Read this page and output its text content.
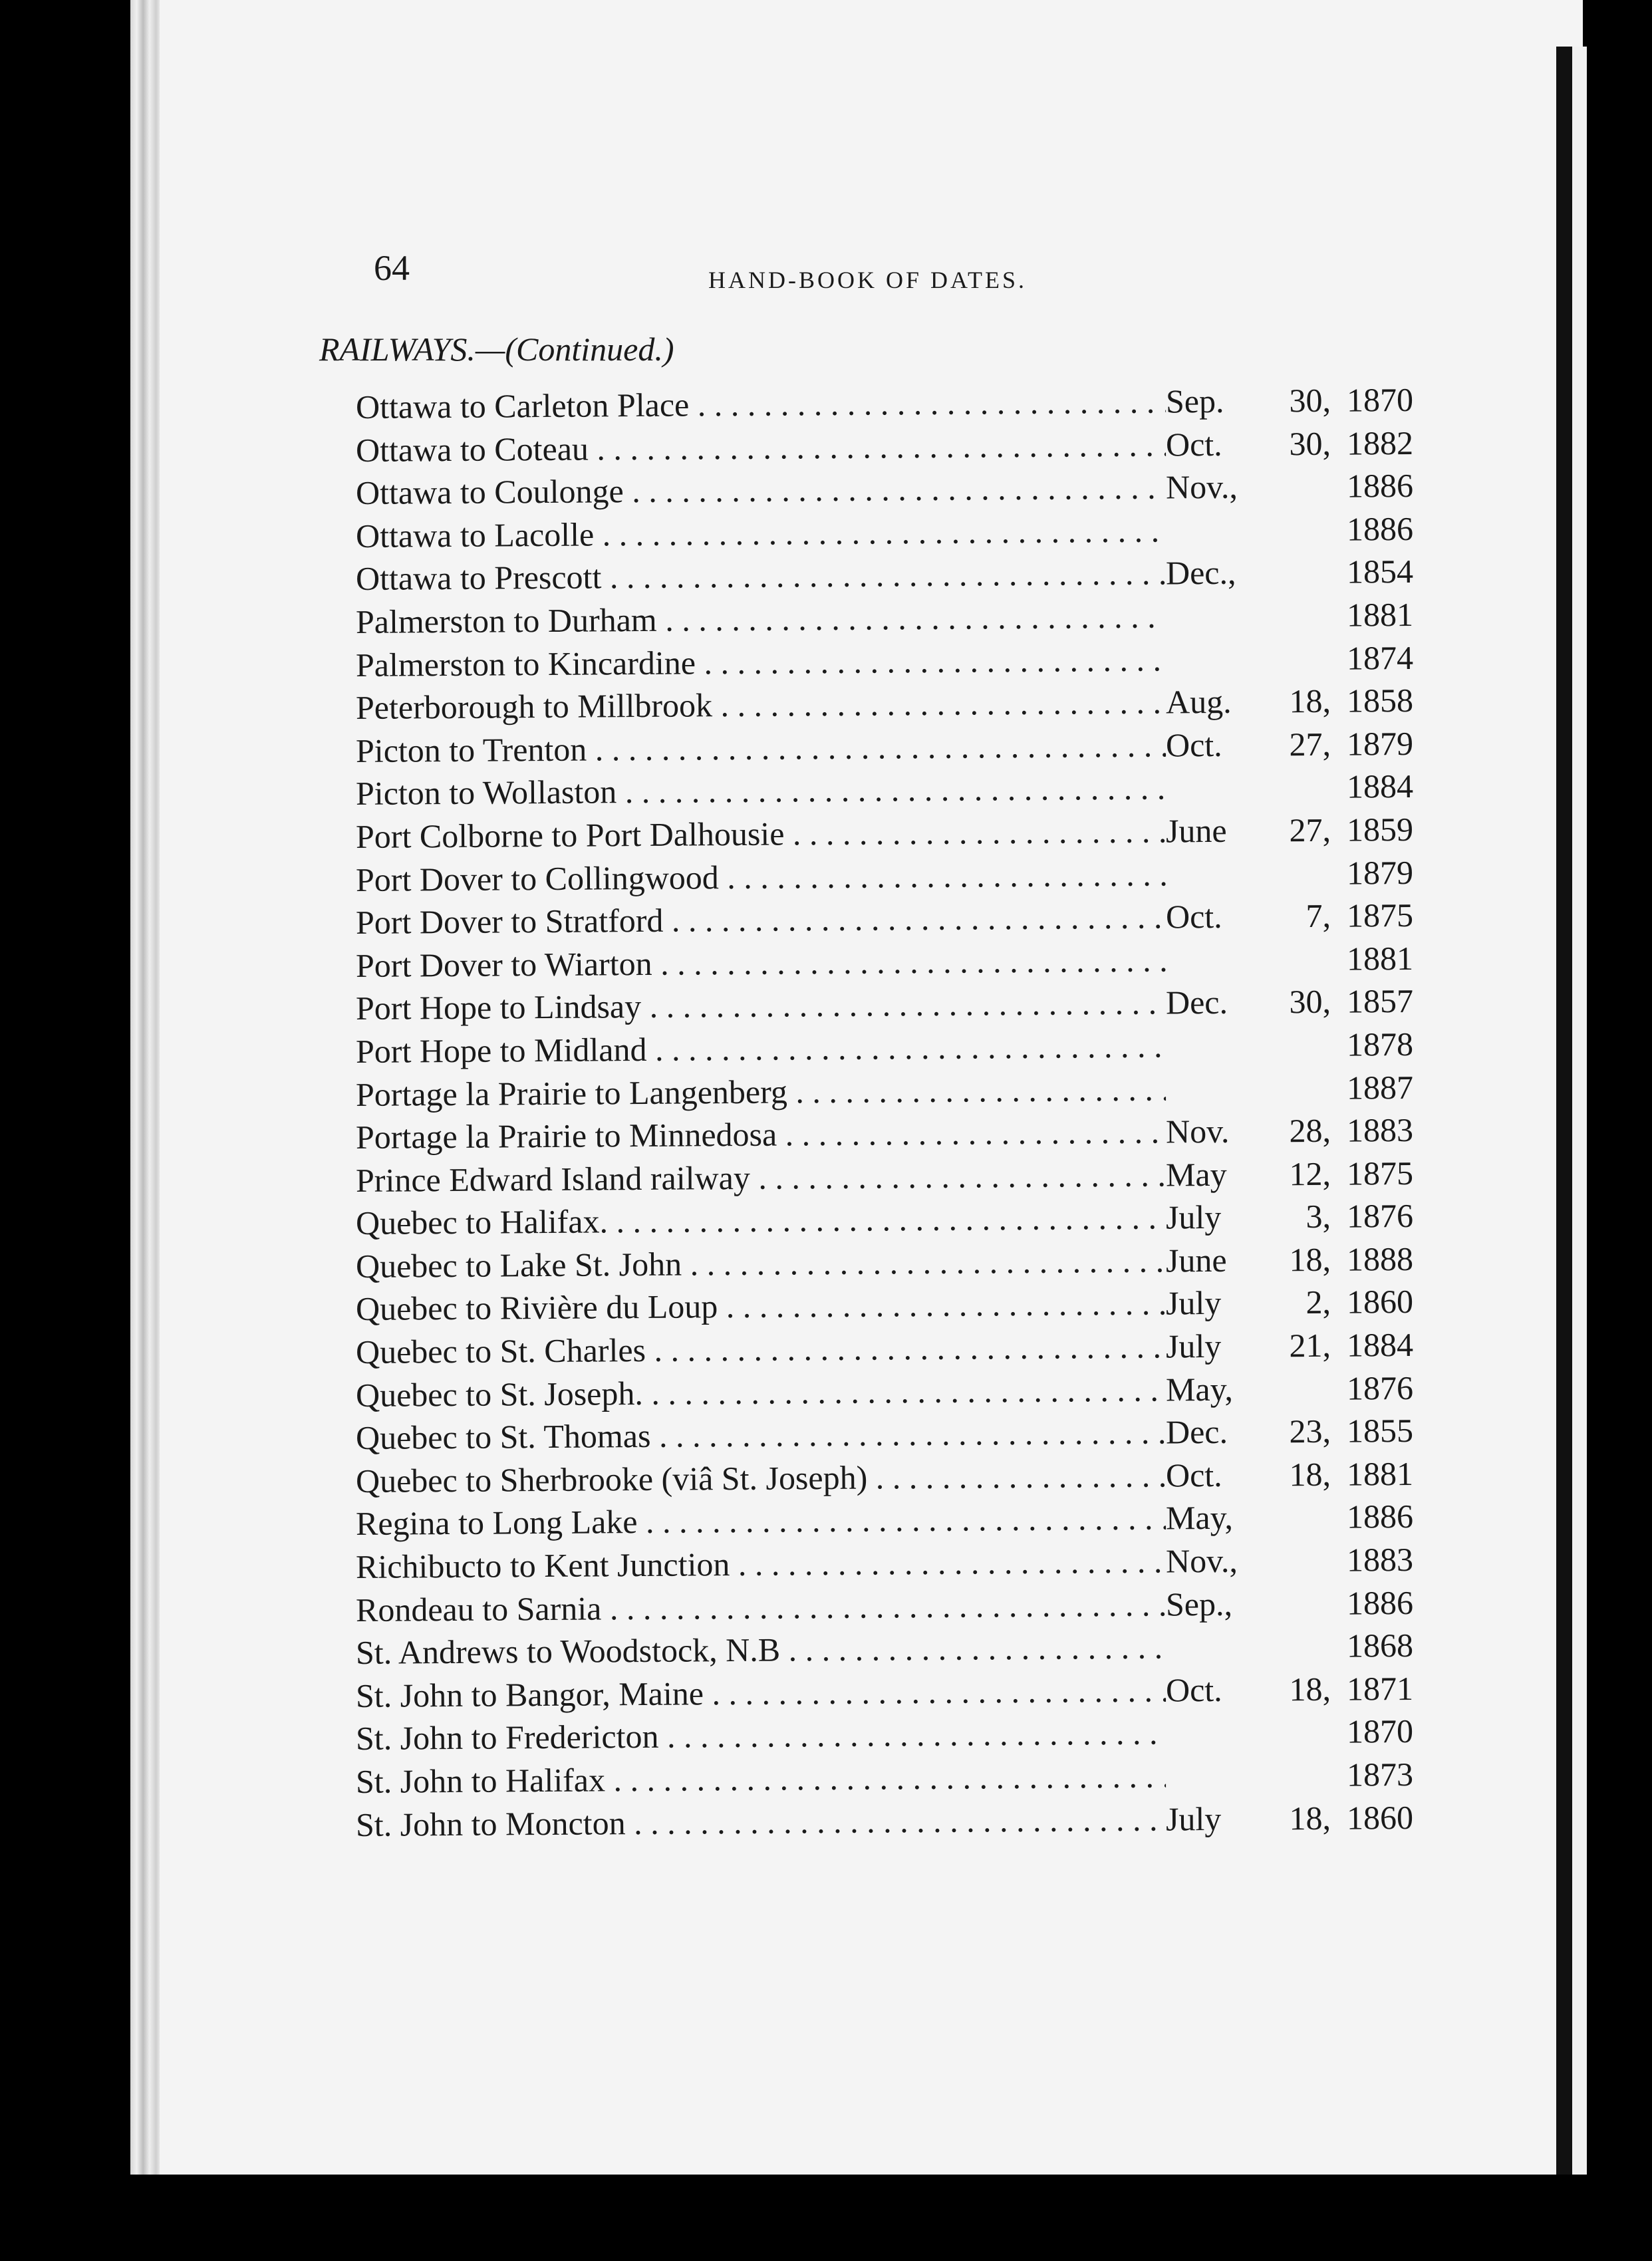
64	HAND-BOOK OF DATES.
RAILWAYS.—(Continued.)
Ottawa to Carleton Place . . .	Sep.	30, 1870
Ottawa to Coteau . . .	Oct.	30, 1882
Ottawa to Coulonge . . .	Nov.,	1886
Ottawa to Lacolle . . .	1886
Ottawa to Prescott . . .	Dec.,	1854
Palmerston to Durham . . .	1881
Palmerston to Kincardine . . .	1874
Peterborough to Millbrook . . .	Aug.	18, 1858
Picton to Trenton . . .	Oct.	27, 1879
Picton to Wollaston . . .	1884
Port Colborne to Port Dalhousie . . .	June	27, 1859
Port Dover to Collingwood . . .	1879
Port Dover to Stratford . . .	Oct.	7, 1875
Port Dover to Wiarton . . .	1881
Port Hope to Lindsay . . .	Dec.	30, 1857
Port Hope to Midland . . .	1878
Portage la Prairie to Langenberg . . .	1887
Portage la Prairie to Minnedosa . . .	Nov.	28, 1883
Prince Edward Island railway . . .	May	12, 1875
Quebec to Halifax. . . .	July	3, 1876
Quebec to Lake St. John . . .	June	18, 1888
Quebec to Rivière du Loup . . .	July	2, 1860
Quebec to St. Charles . . .	July	21, 1884
Quebec to St. Joseph. . . .	May,	1876
Quebec to St. Thomas . . .	Dec.	23, 1855
Quebec to Sherbrooke (viâ St. Joseph) . . .	Oct.	18, 1881
Regina to Long Lake . . .	May,	1886
Richibucto to Kent Junction . . .	Nov.,	1883
Rondeau to Sarnia . . .	Sep.,	1886
St. Andrews to Woodstock, N.B . . .	1868
St. John to Bangor, Maine . . .	Oct.	18, 1871
St. John to Fredericton . . .	1870
St. John to Halifax . . .	1873
St. John to Moncton . . .	July	18, 1860
